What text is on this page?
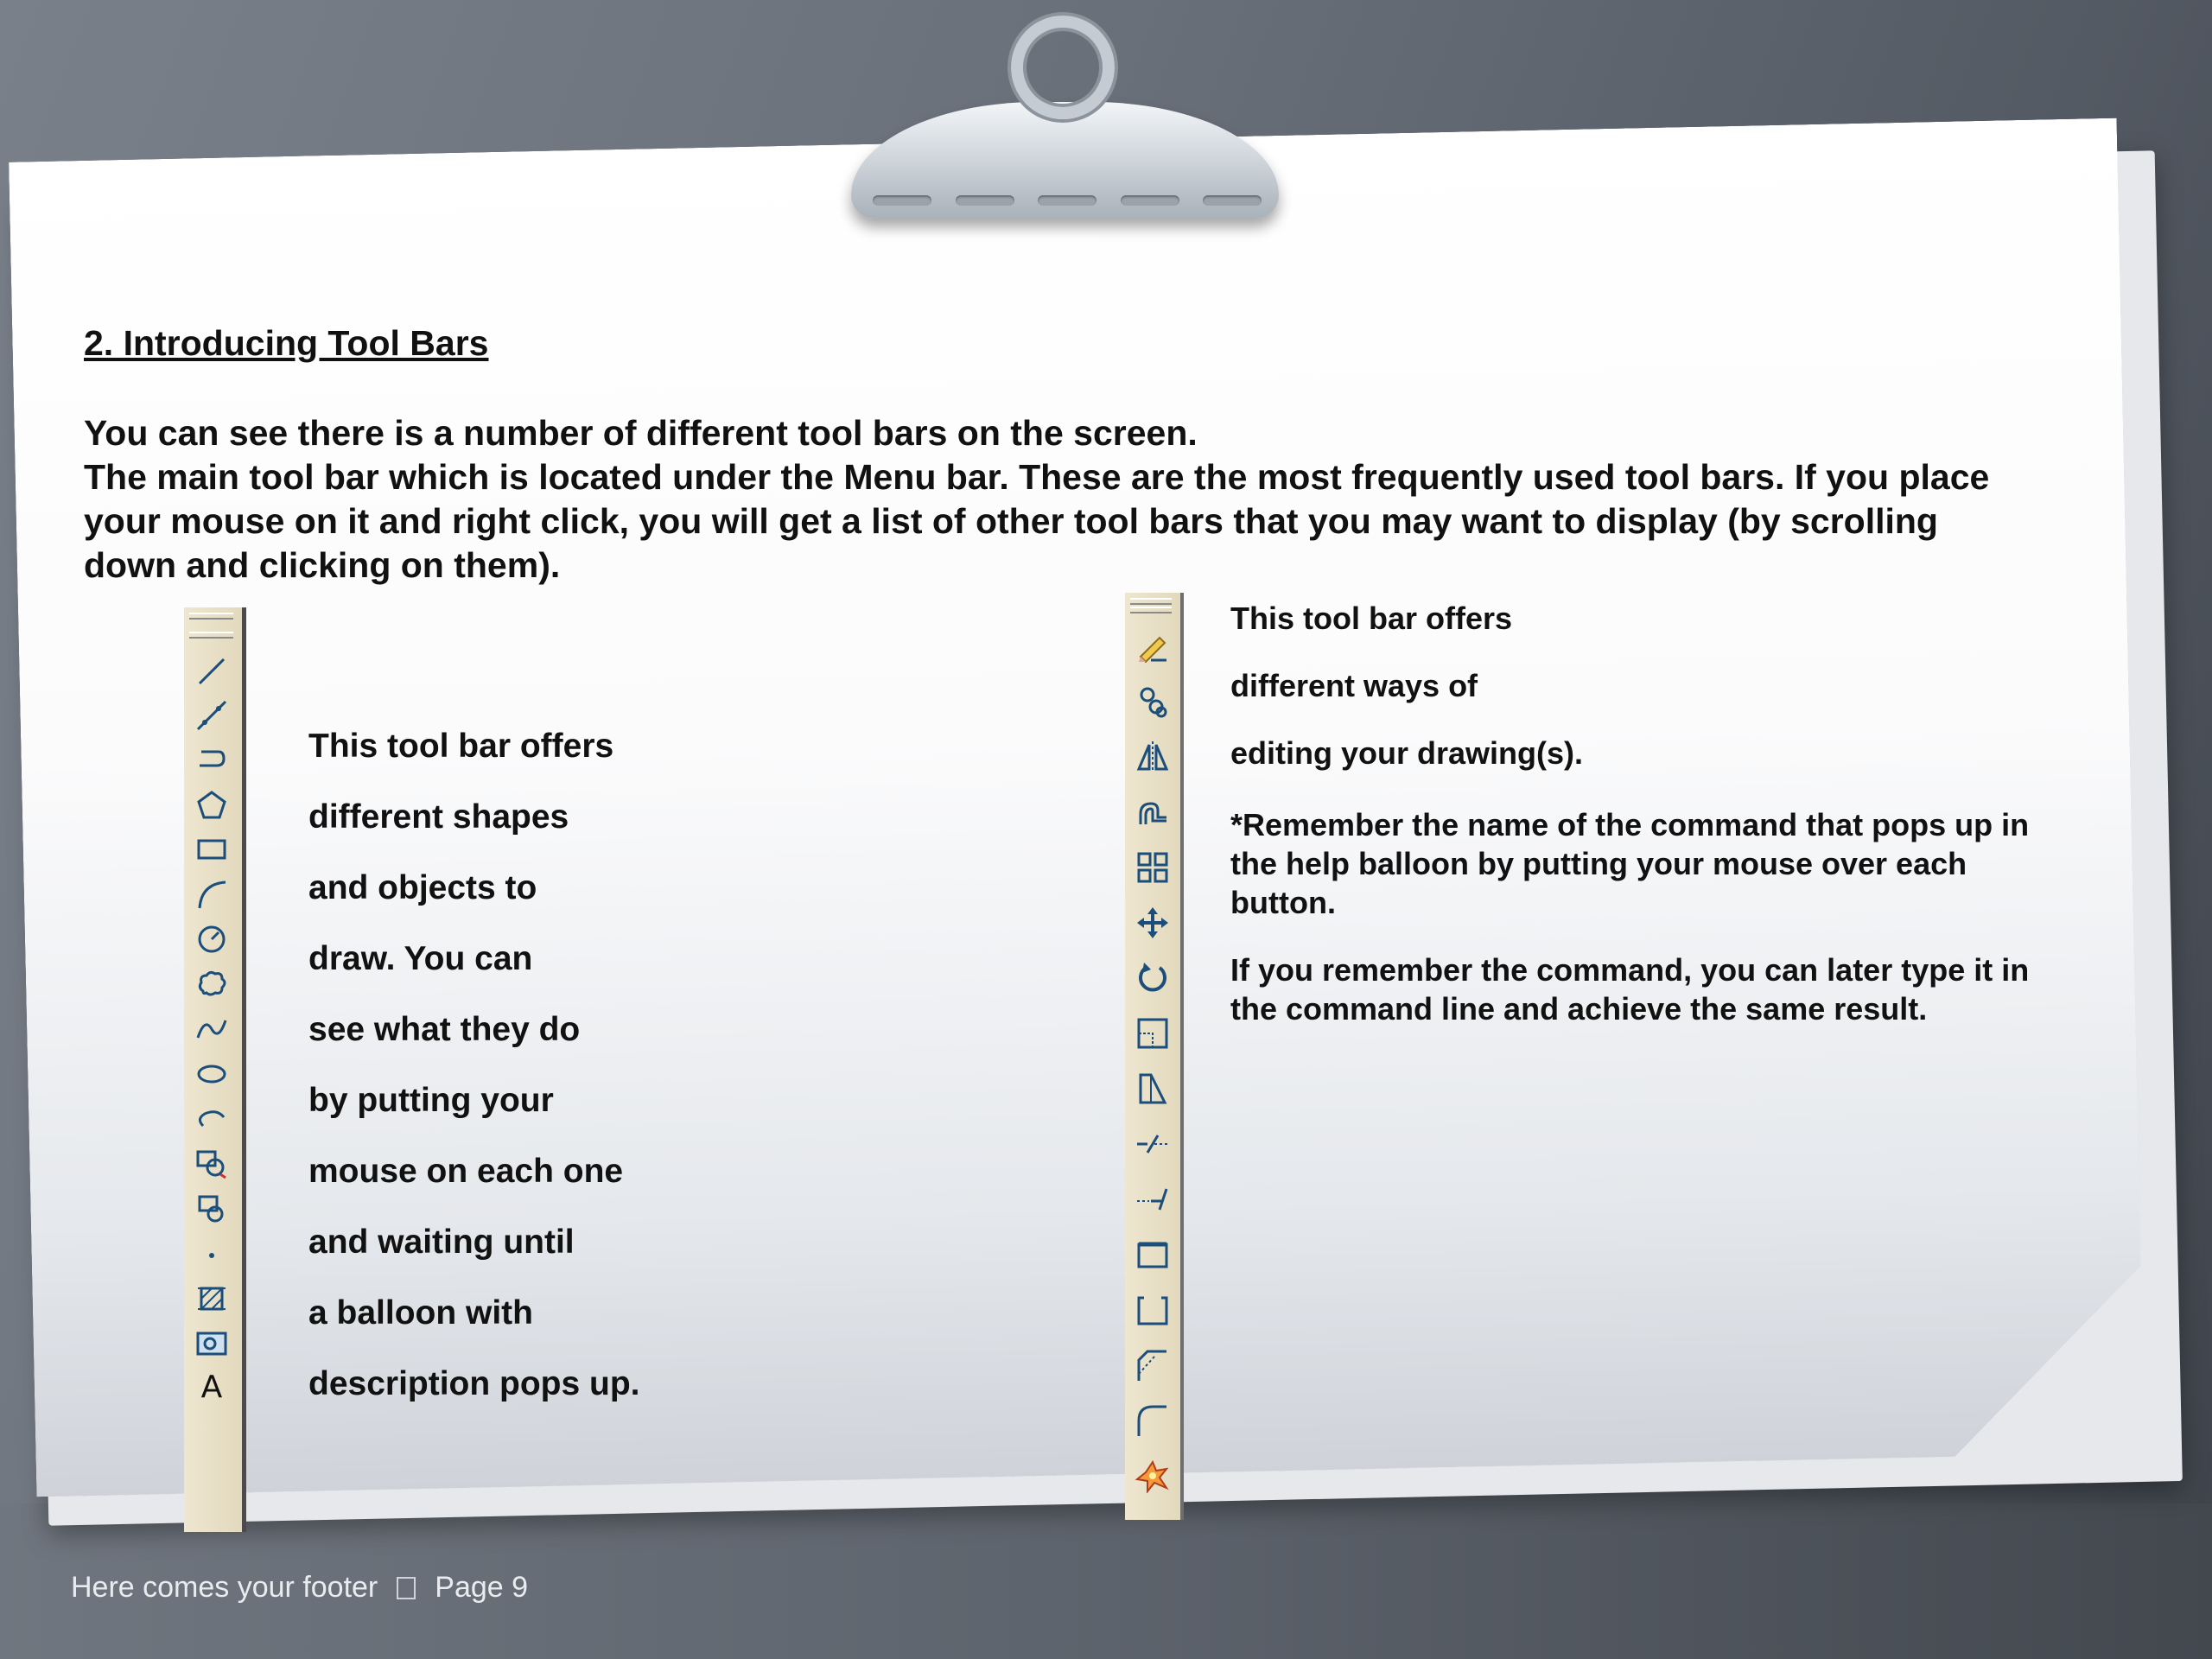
2. Introducing Tool Bars

You can see there is a number of different tool bars on the screen.

The main tool bar which is located under the Menu bar. These are the most frequently used tool bars. If you place your mouse on it and right click, you will get a list of other tool bars that you may want to display (by scrolling down and clicking on them).

A
This tool bar offers
different shapes
and objects to
draw. You can
see what they do
by putting your
mouse on each one
and waiting until
a balloon with
description pops up.
This tool bar offers
different ways of
editing your drawing(s).
*Remember the name of the command that pops up in the help balloon by putting your mouse over each button.
If you remember the command, you can later type it in the command line and achieve the same result.
Here comes your footer Page 9
